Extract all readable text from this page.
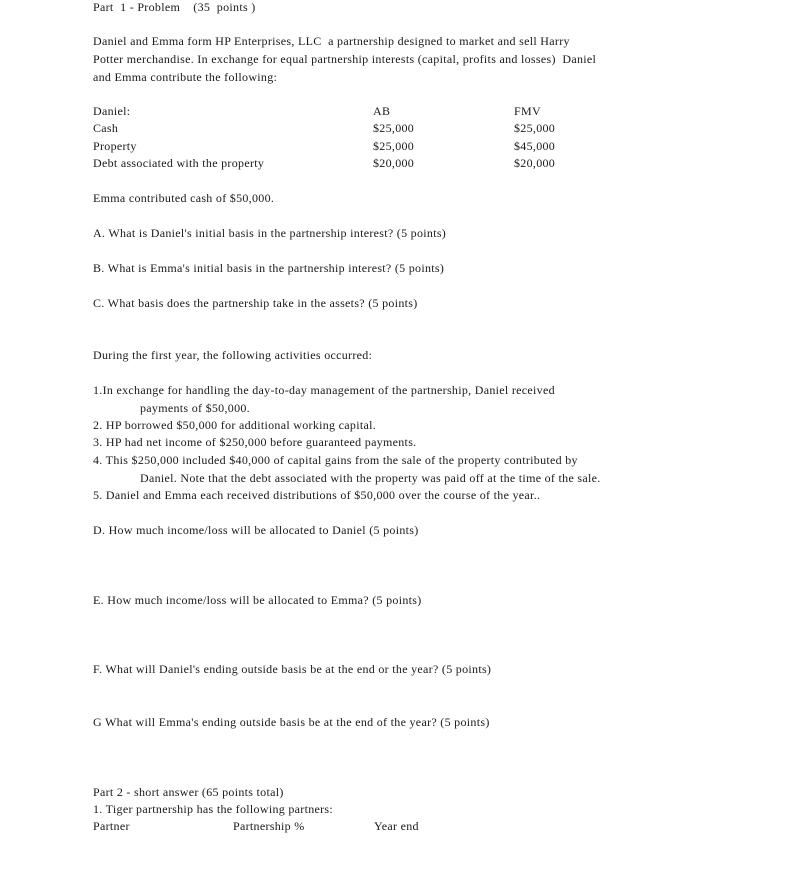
Part  1 - Problem    (35  points )
Daniel and Emma form HP Enterprises, LLC  a partnership designed to market and sell Harry
Potter merchandise. In exchange for equal partnership interests (capital, profits and losses)  Daniel
and Emma contribute the following:
Daniel:	AB	FMV
Cash	$25,000	$25,000
Property	$25,000	$45,000
Debt associated with the property	$20,000	$20,000
Emma contributed cash of $50,000.
A. What is Daniel's initial basis in the partnership interest? (5 points)
B. What is Emma's initial basis in the partnership interest? (5 points)
C. What basis does the partnership take in the assets? (5 points)
During the first year, the following activities occurred:
1.In exchange for handling the day-to-day management of the partnership, Daniel received
payments of $50,000.
2. HP borrowed $50,000 for additional working capital.
3. HP had net income of $250,000 before guaranteed payments.
4. This $250,000 included $40,000 of capital gains from the sale of the property contributed by
Daniel. Note that the debt associated with the property was paid off at the time of the sale.
5. Daniel and Emma each received distributions of $50,000 over the course of the year..
D. How much income/loss will be allocated to Daniel (5 points)
E. How much income/loss will be allocated to Emma? (5 points)
F. What will Daniel's ending outside basis be at the end or the year? (5 points)
G What will Emma's ending outside basis be at the end of the year? (5 points)
Part 2 - short answer (65 points total)
1. Tiger partnership has the following partners:
Partner	Partnership %	Year end
